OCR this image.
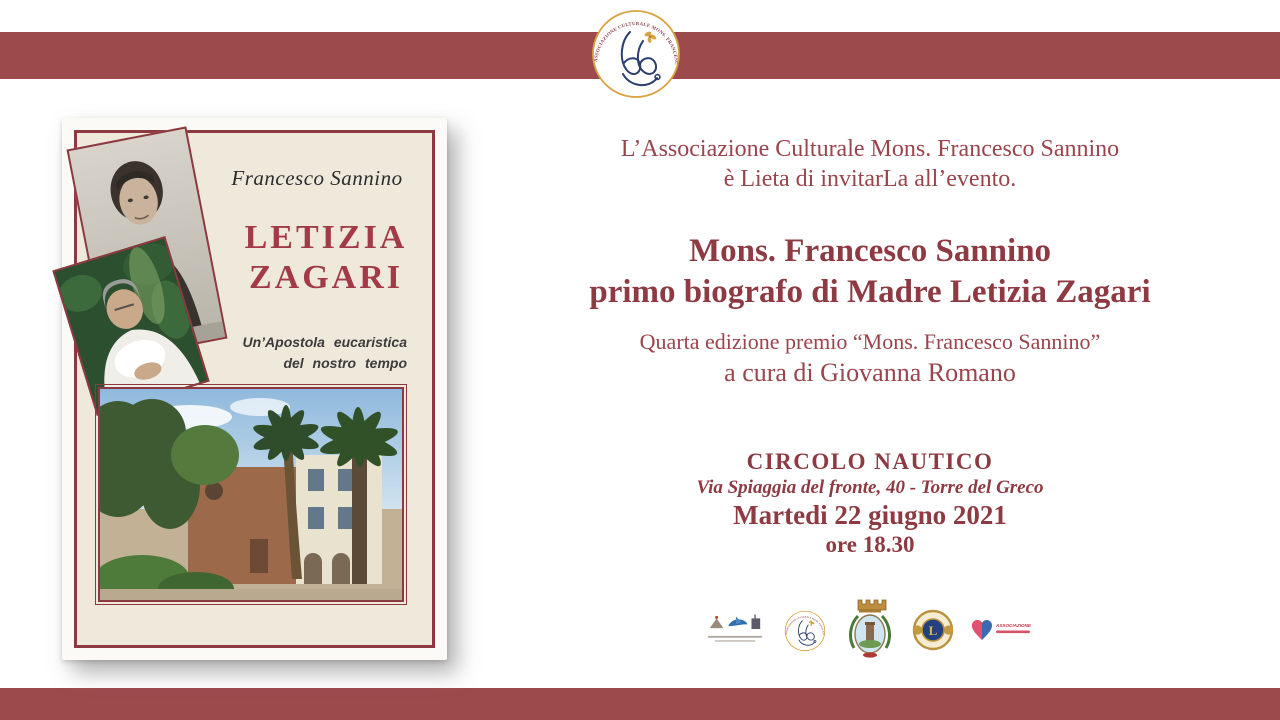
Francesco Sannino
LETIZIA
ZAGARI
Un’Apostola eucaristica
del nostro tempo
L’Associazione Culturale Mons. Francesco Sannino
è Lieta di invitarLa all’evento.
Mons. Francesco Sannino
primo biografo di Madre Letizia Zagari
Quarta edizione premio “Mons. Francesco Sannino”
a cura di Giovanna Romano
CIRCOLO NAUTICO
Via Spiaggia del fronte, 40 - Torre del Greco
Martedi 22 giugno 2021
ore 18.30
L	ASSOCIAZIONE
